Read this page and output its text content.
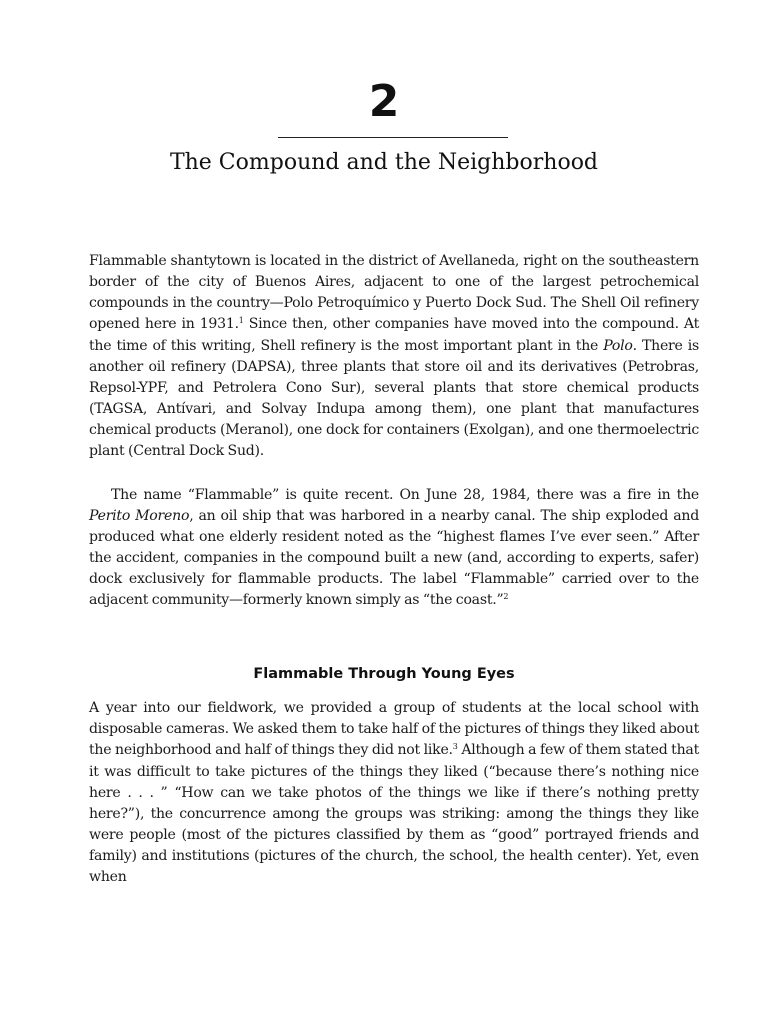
2
The Compound and the Neighborhood

Flammable shantytown is located in the district of Avellaneda, right on the southeastern border of the city of Buenos Aires, adjacent to one of the largest petrochemical compounds in the country—Polo Petroquímico y Puerto Dock Sud. The Shell Oil refinery opened here in 1931.$^1$ Since then, other companies have moved into the compound. At the time of this writing, Shell refinery is the most important plant in the Polo. There is another oil refinery (DAPSA), three plants that store oil and its derivatives (Petrobras, Repsol-YPF, and Petrolera Cono Sur), several plants that store chemical products (TAGSA, Antívari, and Solvay Indupa among them), one plant that manufactures chemical products (Meranol), one dock for containers (Exolgan), and one thermoelectric plant (Central Dock Sud).

The name “Flammable” is quite recent. On June 28, 1984, there was a fire in the Perito Moreno, an oil ship that was harbored in a nearby canal. The ship exploded and produced what one elderly resident noted as the “highest flames I’ve ever seen.” After the accident, companies in the compound built a new (and, according to experts, safer) dock exclusively for flammable products. The label “Flammable” carried over to the adjacent community—formerly known simply as “the coast.”$^2$

Flammable Through Young Eyes

A year into our fieldwork, we provided a group of students at the local school with disposable cameras. We asked them to take half of the pictures of things they liked about the neighborhood and half of things they did not like.$^3$ Although a few of them stated that it was difficult to take pictures of the things they liked (“because there’s nothing nice here . . . ” “How can we take photos of the things we like if there’s nothing pretty here?”), the concurrence among the groups was striking: among the things they like were people (most of the pictures classified by them as “good” portrayed friends and family) and institutions (pictures of the church, the school, the health center). Yet, even when
